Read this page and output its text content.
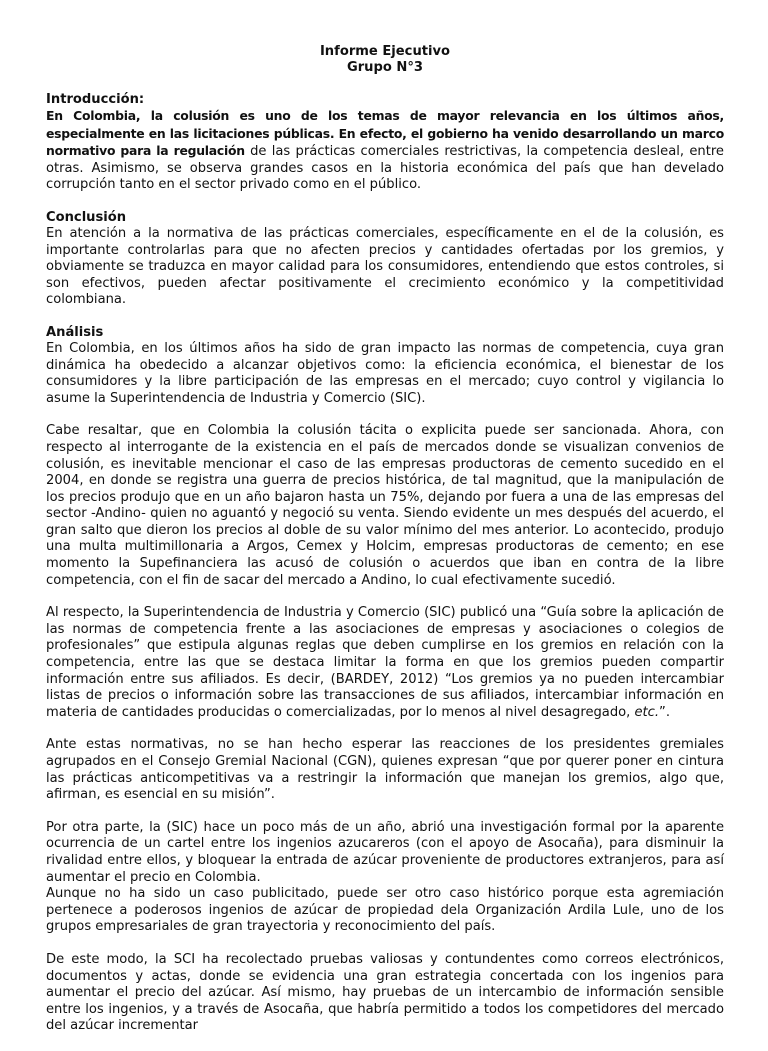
Informe Ejecutivo
Grupo N°3
Introducción:

En Colombia, la colusión es uno de los temas de mayor relevancia en los últimos años, especialmente en las licitaciones públicas. En efecto, el gobierno ha venido desarrollando un marco normativo para la regulación de las prácticas comerciales restrictivas, la competencia desleal, entre otras. Asimismo, se observa grandes casos en la historia económica del país que han develado corrupción tanto en el sector privado como en el público.

Conclusión

En atención a la normativa de las prácticas comerciales, específicamente en el de la colusión, es importante controlarlas para que no afecten precios y cantidades ofertadas por los gremios, y obviamente se traduzca en mayor calidad para los consumidores, entendiendo que estos controles, si son efectivos, pueden afectar positivamente el crecimiento económico y la competitividad colombiana.

Análisis

En Colombia, en los últimos años ha sido de gran impacto las normas de competencia, cuya gran dinámica ha obedecido a alcanzar objetivos como: la eficiencia económica, el bienestar de los consumidores y la libre participación de las empresas en el mercado; cuyo control y vigilancia lo asume la Superintendencia de Industria y Comercio (SIC).

Cabe resaltar, que en Colombia la colusión tácita o explicita puede ser sancionada. Ahora, con respecto al interrogante de la existencia en el país de mercados donde se visualizan convenios de colusión, es inevitable mencionar el caso de las empresas productoras de cemento sucedido en el 2004, en donde se registra una guerra de precios histórica, de tal magnitud, que la manipulación de los precios produjo que en un año bajaron hasta un 75%, dejando por fuera a una de las empresas del sector -Andino- quien no aguantó y negoció su venta. Siendo evidente un mes después del acuerdo, el gran salto que dieron los precios al doble de su valor mínimo del mes anterior. Lo acontecido, produjo una multa multimillonaria a Argos, Cemex y Holcim, empresas productoras de cemento; en ese momento la Supefinanciera las acusó de colusión o acuerdos que iban en contra de la libre competencia, con el fin de sacar del mercado a Andino, lo cual efectivamente sucedió.

Al respecto, la Superintendencia de Industria y Comercio (SIC) publicó una “Guía sobre la aplicación de las normas de competencia frente a las asociaciones de empresas y asociaciones o colegios de profesionales” que estipula algunas reglas que deben cumplirse en los gremios en relación con la competencia, entre las que se destaca limitar la forma en que los gremios pueden compartir información entre sus afiliados. Es decir, (BARDEY, 2012) “Los gremios ya no pueden intercambiar listas de precios o información sobre las transacciones de sus afiliados, intercambiar información en materia de cantidades producidas o comercializadas, por lo menos al nivel desagregado, etc.”.

Ante estas normativas, no se han hecho esperar las reacciones de los presidentes gremiales agrupados en el Consejo Gremial Nacional (CGN), quienes expresan “que por querer poner en cintura las prácticas anticompetitivas va a restringir la información que manejan los gremios, algo que, afirman, es esencial en su misión”.

Por otra parte, la (SIC) hace un poco más de un año, abrió una investigación formal por la aparente ocurrencia de un cartel entre los ingenios azucareros (con el apoyo de Asocaña), para disminuir la rivalidad entre ellos, y bloquear la entrada de azúcar proveniente de productores extranjeros, para así aumentar el precio en Colombia.

Aunque no ha sido un caso publicitado, puede ser otro caso histórico porque esta agremiación pertenece a poderosos ingenios de azúcar de propiedad dela Organización Ardila Lule, uno de los grupos empresariales de gran trayectoria y reconocimiento del país.

De este modo, la SCI ha recolectado pruebas valiosas y contundentes como correos electrónicos, documentos y actas, donde se evidencia una gran estrategia concertada con los ingenios para aumentar el precio del azúcar. Así mismo, hay pruebas de un intercambio de información sensible entre los ingenios, y a través de Asocaña, que habría permitido a todos los competidores del mercado del azúcar incrementar
